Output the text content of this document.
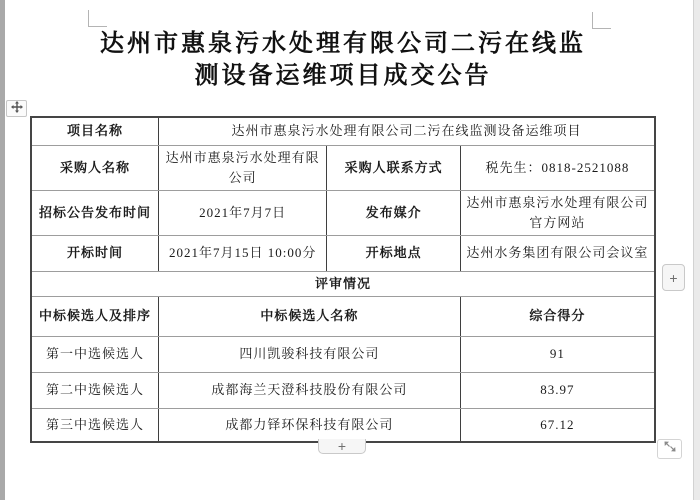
达州市惠泉污水处理有限公司二污在线监
测设备运维项目成交公告
项目名称	达州市惠泉污水处理有限公司二污在线监测设备运维项目		
采购人名称	达州市惠泉污水处理有限公司	采购人联系方式	税先生：0818-2521088
招标公告发布时间	2021年7月7日	发布媒介	达州市惠泉污水处理有限公司官方网站
开标时间	2021年7月15日 10:00分	开标地点	达州水务集团有限公司会议室
评审情况			
中标候选人及排序	中标候选人名称		综合得分
第一中选候选人	四川凯骏科技有限公司		91
第二中选候选人	成都海兰天澄科技股份有限公司		83.97
第三中选候选人	成都力铎环保科技有限公司		67.12
+
+
